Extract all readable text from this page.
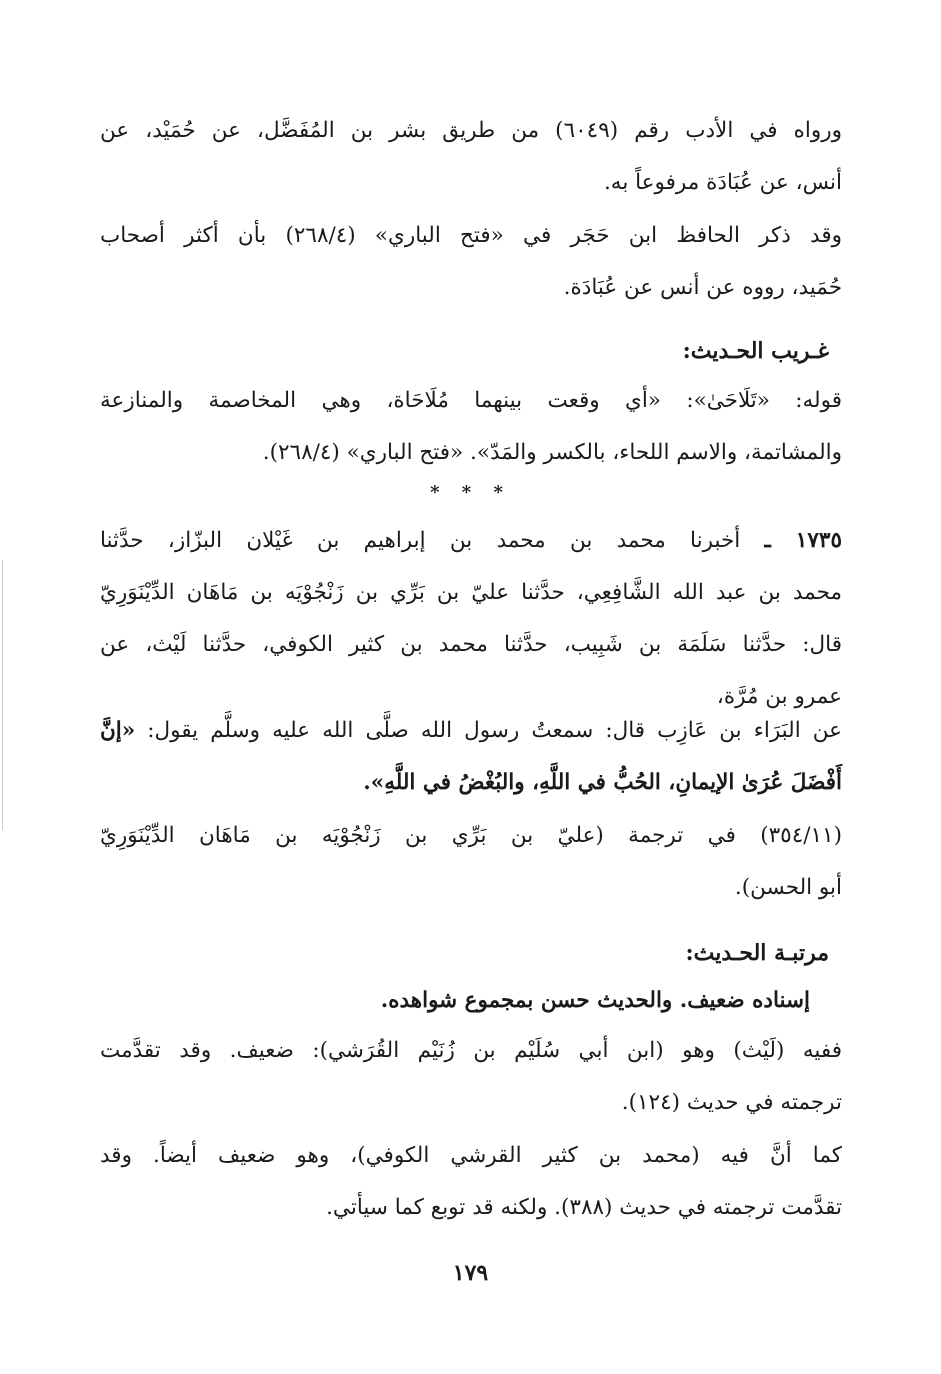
ورواه في الأدب رقم (٦٠٤٩) من طريق بشر بن المُفَضَّل، عن حُمَيْد، عن
أنس، عن عُبَادَة مرفوعاً به.
وقد ذكر الحافظ ابن حَجَر في «فتح الباري» (٢٦٨/٤) بأن أكثر أصحاب
حُمَيد، رووه عن أنس عن عُبَادَة.
غـريب الحـديث:
قوله: «تَلَاحَىٰ»: «أي وقعت بينهما مُلَاحَاة، وهي المخاصمة والمنازعة
والمشاتمة، والاسم اللحاء، بالكسر والمَدّ». «فتح الباري» (٢٦٨/٤).
* * *
١٧٣٥ ـ أخبرنا محمد بن محمد بن إبراهيم بن غَيْلان البزّاز، حدَّثنا
محمد بن عبد الله الشَّافِعِي، حدَّثنا عليّ بن بَرِّي بن زَنْجُوْيَه بن مَاهَان الدِّيْنَوَرِيّ
قال: حدَّثنا سَلَمَة بن شَبِيب، حدَّثنا محمد بن كثير الكوفي، حدَّثنا لَيْث، عن
عمرو بن مُرَّة،
عن البَرَاء بن عَازِب قال: سمعتُ رسول الله صلَّى الله عليه وسلَّم يقول: «إنَّ
أَفْضَلَ عُرَىٰ الإيمانِ، الحُبُّ في اللَّهِ، والبُغْضُ في اللَّهِ».
(٣٥٤/١١) في ترجمة (عليّ بن بَرِّي بن زَنْجُوْيَه بن مَاهَان الدِّيْنَوَرِيّ
أبو الحسن).
مرتبـة الحـديث:
إسناده ضعيف. والحديث حسن بمجموع شواهده.
ففيه (لَيْث) وهو (ابن أبي سُلَيْم بن زُنَيْم القُرَشي): ضعيف. وقد تقدَّمت
ترجمته في حديث (١٢٤).
كما أنَّ فيه (محمد بن كثير القرشي الكوفي)، وهو ضعيف أيضاً. وقد
تقدَّمت ترجمته في حديث (٣٨٨). ولكنه قد توبع كما سيأتي.
١٧٩
